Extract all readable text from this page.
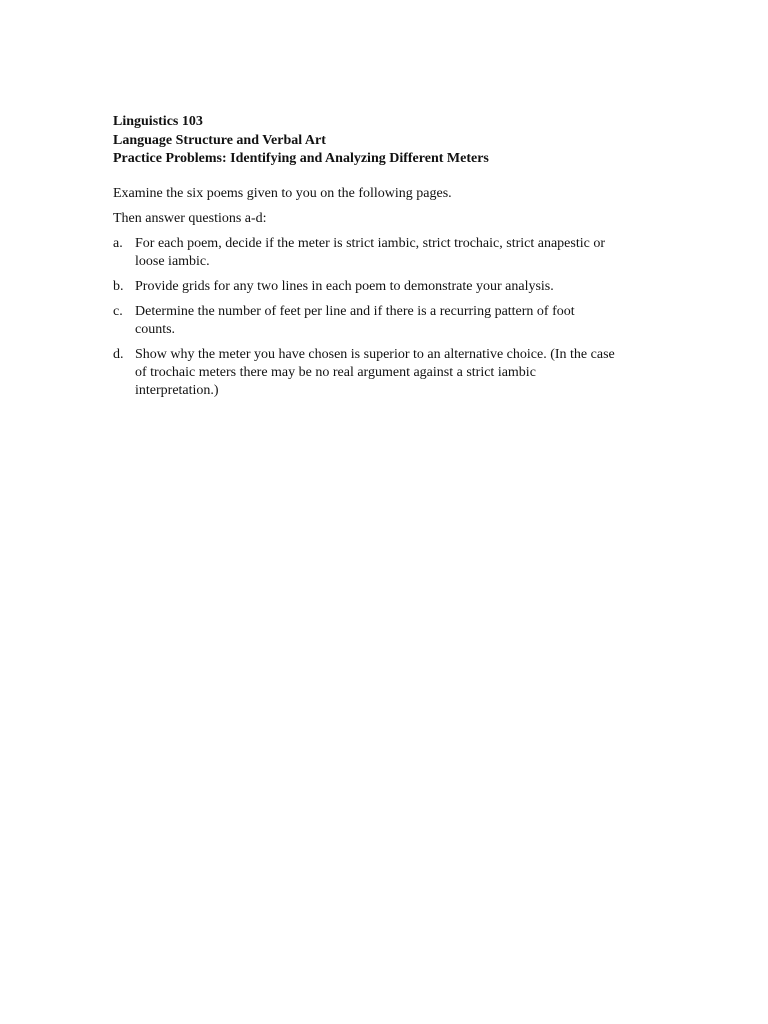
Linguistics 103
Language Structure and Verbal Art
Practice Problems: Identifying and Analyzing Different Meters

Examine the six poems given to you on the following pages.

Then answer questions a-d:

a. For each poem, decide if the meter is strict iambic, strict trochaic, strict anapestic or
loose iambic.
b. Provide grids for any two lines in each poem to demonstrate your analysis.
c. Determine the number of feet per line and if there is a recurring pattern of foot
counts.
d. Show why the meter you have chosen is superior to an alternative choice. (In the case
of trochaic meters there may be no real argument against a strict iambic
interpretation.)
